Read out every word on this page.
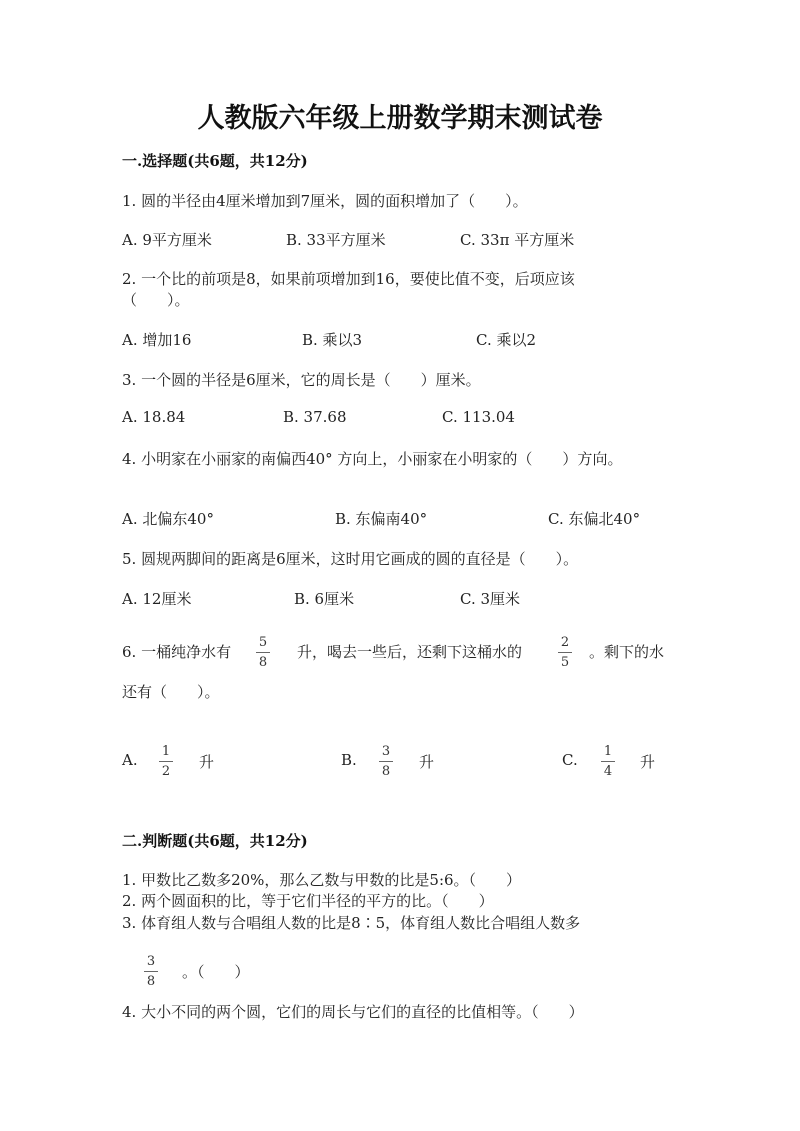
人教版六年级上册数学期末测试卷
一.选择题(共6题，共12分)
1. 圆的半径由4厘米增加到7厘米，圆的面积增加了（　　）。
A. 9平方厘米	B. 33平方厘米	C. 33π 平方厘米
2. 一个比的前项是8，如果前项增加到16，要使比值不变，后项应该
（　　）。
A. 增加16	B. 乘以3	C. 乘以2
3. 一个圆的半径是6厘米，它的周长是（　　）厘米。
A. 18.84	B. 37.68	C. 113.04
4. 小明家在小丽家的南偏西40° 方向上，小丽家在小明家的（　　）方向。
A. 北偏东40°	B. 东偏南40°	C. 东偏北40°
5. 圆规两脚间的距离是6厘米，这时用它画成的圆的直径是（　　）。
A. 12厘米	B. 6厘米	C. 3厘米
6. 一桶纯净水有
5
8
升，喝去一些后，还剩下这桶水的
2
5
。剩下的水
还有（　　）。
A. 1
2
升	B. 3
8
升	C. 1
4
升
二.判断题(共6题，共12分)
1. 甲数比乙数多20%，那么乙数与甲数的比是5:6。（　　）
2. 两个圆面积的比，等于它们半径的平方的比。（　　）
3. 体育组人数与合唱组人数的比是8∶5，体育组人数比合唱组人数多
3
8
。（　　）
4. 大小不同的两个圆，它们的周长与它们的直径的比值相等。（　　）
